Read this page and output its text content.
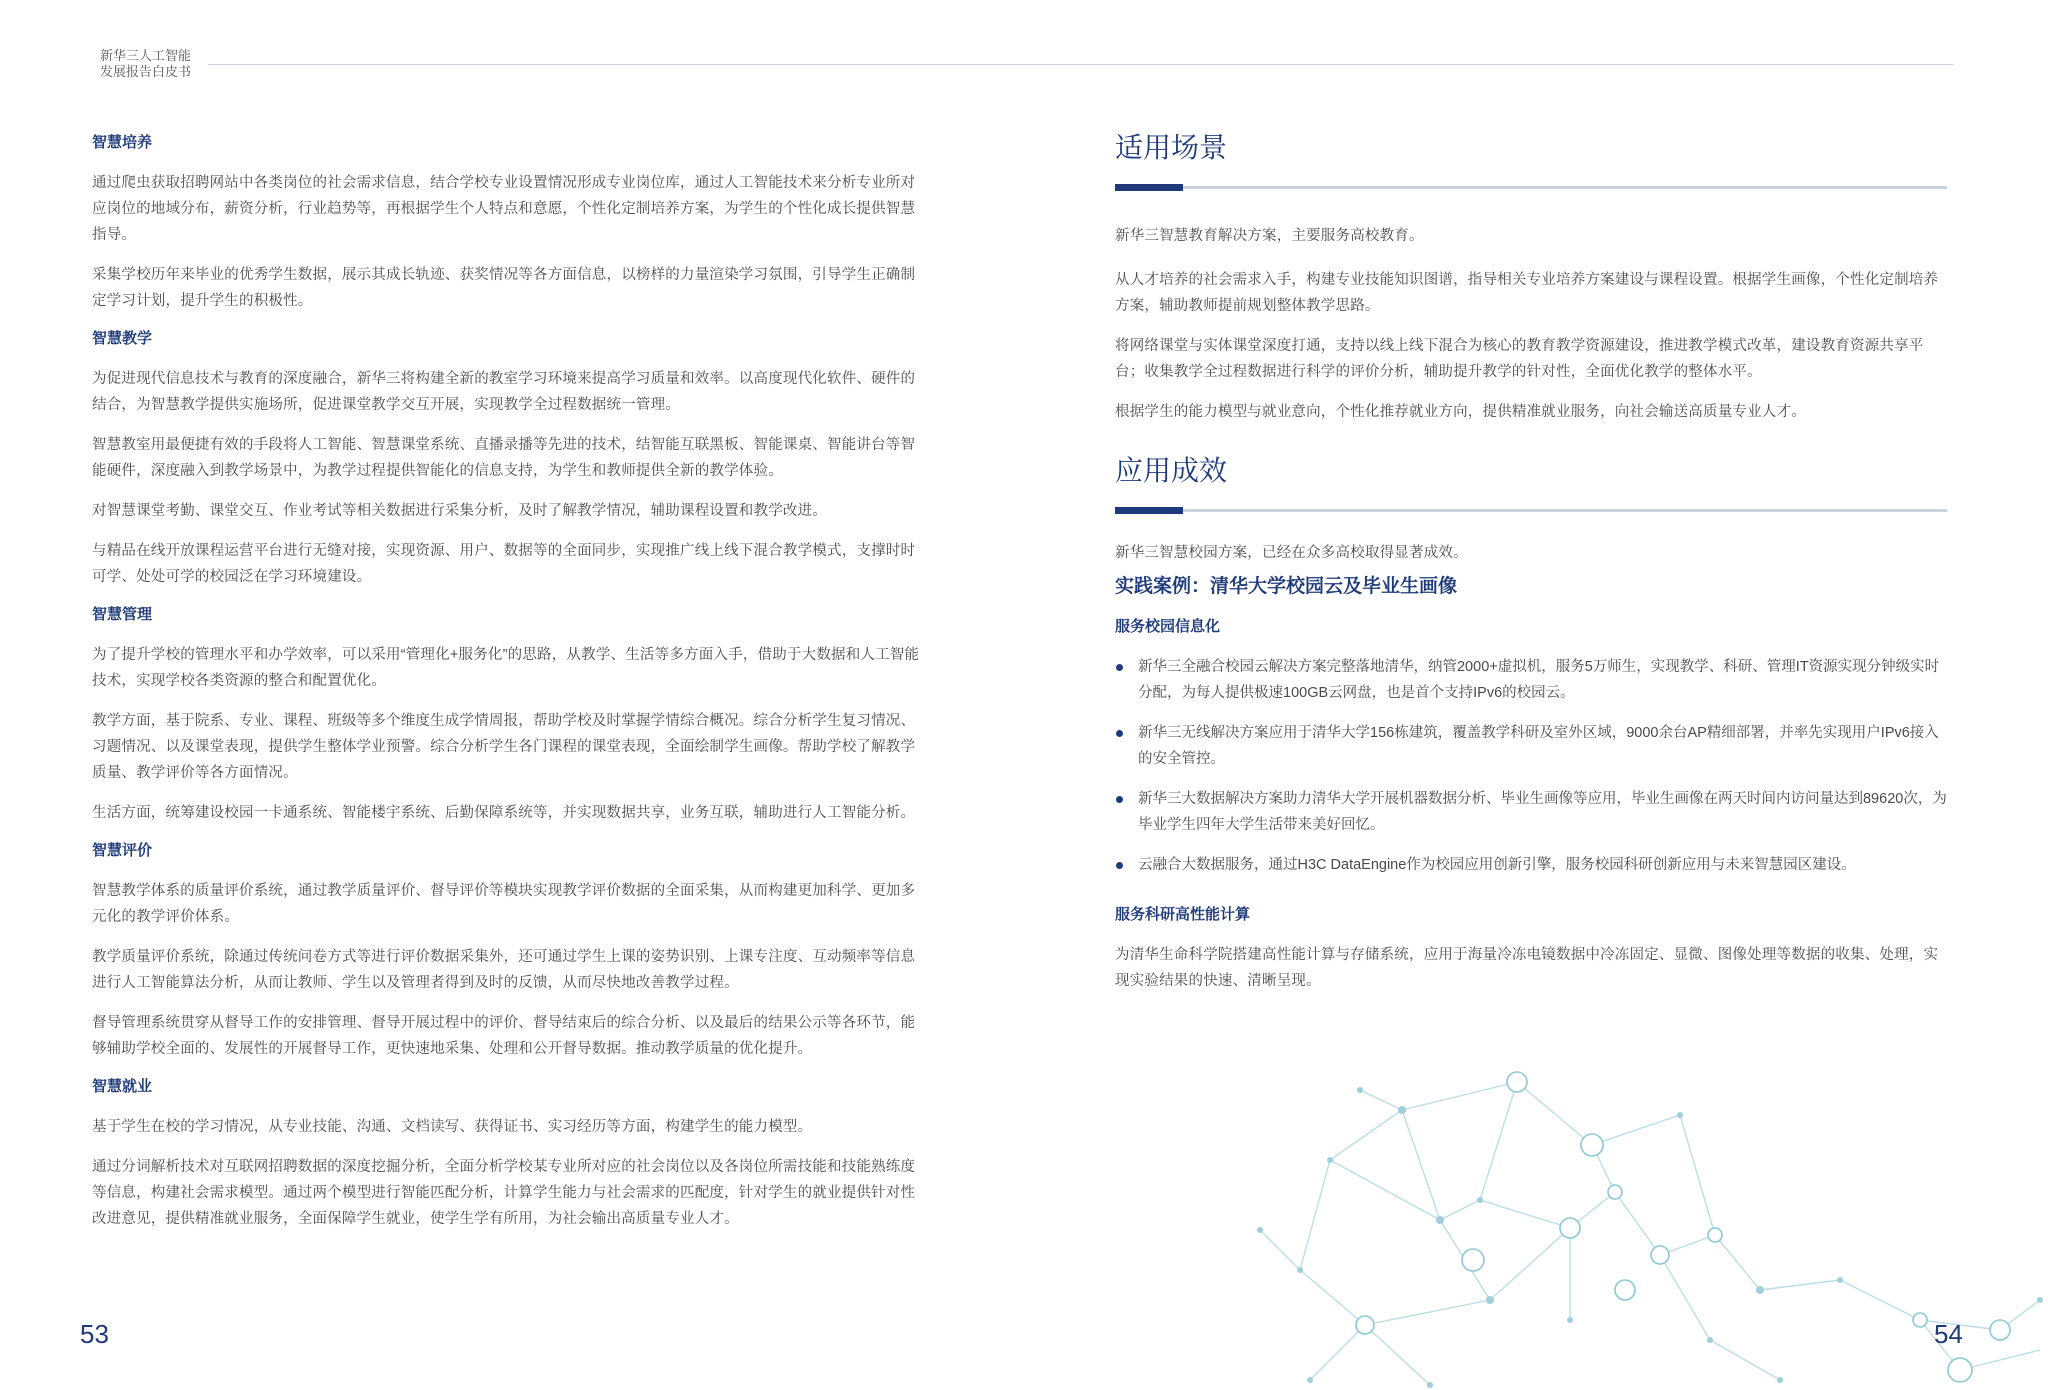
新华三人工智能
发展报告白皮书
智慧培养

通过爬虫获取招聘网站中各类岗位的社会需求信息，结合学校专业设置情况形成专业岗位库，通过人工智能技术来分析专业所对应岗位的地域分布，薪资分析，行业趋势等，再根据学生个人特点和意愿，个性化定制培养方案，为学生的个性化成长提供智慧指导。

采集学校历年来毕业的优秀学生数据，展示其成长轨迹、获奖情况等各方面信息，以榜样的力量渲染学习氛围，引导学生正确制定学习计划，提升学生的积极性。

智慧教学

为促进现代信息技术与教育的深度融合，新华三将构建全新的教室学习环境来提高学习质量和效率。以高度现代化软件、硬件的结合，为智慧教学提供实施场所，促进课堂教学交互开展，实现教学全过程数据统一管理。

智慧教室用最便捷有效的手段将人工智能、智慧课堂系统、直播录播等先进的技术，结智能互联黑板、智能课桌、智能讲台等智能硬件，深度融入到教学场景中，为教学过程提供智能化的信息支持，为学生和教师提供全新的教学体验。

对智慧课堂考勤、课堂交互、作业考试等相关数据进行采集分析，及时了解教学情况，辅助课程设置和教学改进。

与精品在线开放课程运营平台进行无缝对接，实现资源、用户、数据等的全面同步，实现推广线上线下混合教学模式，支撑时时可学、处处可学的校园泛在学习环境建设。

智慧管理

为了提升学校的管理水平和办学效率，可以采用“管理化+服务化”的思路，从教学、生活等多方面入手，借助于大数据和人工智能技术，实现学校各类资源的整合和配置优化。

教学方面，基于院系、专业、课程、班级等多个维度生成学情周报，帮助学校及时掌握学情综合概况。综合分析学生复习情况、习题情况、以及课堂表现，提供学生整体学业预警。综合分析学生各门课程的课堂表现，全面绘制学生画像。帮助学校了解教学质量、教学评价等各方面情况。

生活方面，统筹建设校园一卡通系统、智能楼宇系统、后勤保障系统等，并实现数据共享，业务互联，辅助进行人工智能分析。

智慧评价

智慧教学体系的质量评价系统，通过教学质量评价、督导评价等模块实现教学评价数据的全面采集，从而构建更加科学、更加多元化的教学评价体系。

教学质量评价系统，除通过传统问卷方式等进行评价数据采集外，还可通过学生上课的姿势识别、上课专注度、互动频率等信息进行人工智能算法分析，从而让教师、学生以及管理者得到及时的反馈，从而尽快地改善教学过程。

督导管理系统贯穿从督导工作的安排管理、督导开展过程中的评价、督导结束后的综合分析、以及最后的结果公示等各环节，能够辅助学校全面的、发展性的开展督导工作，更快速地采集、处理和公开督导数据。推动教学质量的优化提升。

智慧就业

基于学生在校的学习情况，从专业技能、沟通、文档读写、获得证书、实习经历等方面，构建学生的能力模型。

通过分词解析技术对互联网招聘数据的深度挖掘分析，全面分析学校某专业所对应的社会岗位以及各岗位所需技能和技能熟练度等信息，构建社会需求模型。通过两个模型进行智能匹配分析，计算学生能力与社会需求的匹配度，针对学生的就业提供针对性改进意见，提供精准就业服务，全面保障学生就业，使学生学有所用，为社会输出高质量专业人才。

适用场景

新华三智慧教育解决方案，主要服务高校教育。

从人才培养的社会需求入手，构建专业技能知识图谱，指导相关专业培养方案建设与课程设置。根据学生画像，个性化定制培养方案，辅助教师提前规划整体教学思路。

将网络课堂与实体课堂深度打通，支持以线上线下混合为核心的教育教学资源建设，推进教学模式改革，建设教育资源共享平台；收集教学全过程数据进行科学的评价分析，辅助提升教学的针对性，全面优化教学的整体水平。

根据学生的能力模型与就业意向，个性化推荐就业方向，提供精准就业服务，向社会输送高质量专业人才。

应用成效

新华三智慧校园方案，已经在众多高校取得显著成效。

实践案例：清华大学校园云及毕业生画像
服务校园信息化
新华三全融合校园云解决方案完整落地清华，纳管2000+虚拟机，服务5万师生，实现教学、科研、管理IT资源实现分钟级实时分配，为每人提供极速100GB云网盘，也是首个支持IPv6的校园云。
新华三无线解决方案应用于清华大学156栋建筑，覆盖教学科研及室外区域，9000余台AP精细部署，并率先实现用户IPv6接入的安全管控。
新华三大数据解决方案助力清华大学开展机器数据分析、毕业生画像等应用，毕业生画像在两天时间内访问量达到89620次，为毕业学生四年大学生活带来美好回忆。
云融合大数据服务，通过H3C DataEngine作为校园应用创新引擎，服务校园科研创新应用与未来智慧园区建设。
服务科研高性能计算

为清华生命科学院搭建高性能计算与存储系统，应用于海量冷冻电镜数据中冷冻固定、显微、图像处理等数据的收集、处理，实现实验结果的快速、清晰呈现。

53	54
